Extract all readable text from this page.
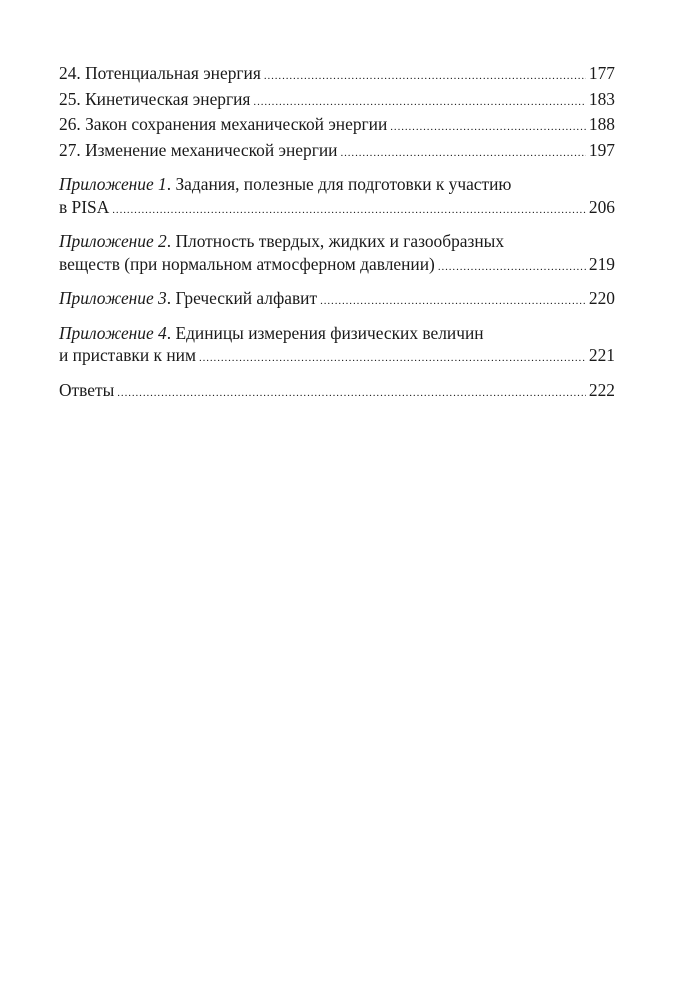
24. Потенциальная энергия .....	177
25. Кинетическая энергия .....	183
26. Закон сохранения механической энергии .....	188
27. Изменение механической энергии .....	197
Приложение 1. Задания, полезные для подготовки к участию
в PISA .....	206
Приложение 2. Плотность твердых, жидких и газообразных
веществ (при нормальном атмосферном давлении) .....	219
Приложение 3. Греческий алфавит .....	220
Приложение 4. Единицы измерения физических величин
и приставки к ним .....	221
Ответы .....	222
